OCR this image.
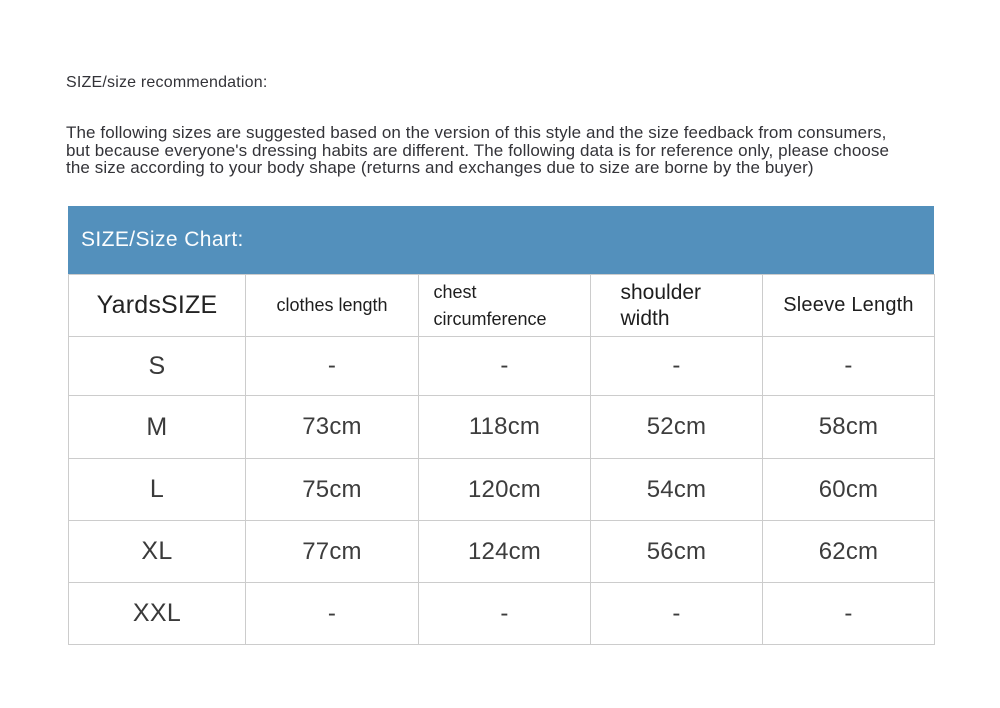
SIZE/size recommendation:
The following sizes are suggested based on the version of this style and the size feedback from consumers,
but because everyone's dressing habits are different. The following data is for reference only, please choose
the size according to your body shape (returns and exchanges due to size are borne by the buyer)
SIZE/Size Chart:
YardsSIZE	clothes length	chest circumference	shoulder width	Sleeve Length
S	-	-	-	-
M	73cm	118cm	52cm	58cm
L	75cm	120cm	54cm	60cm
XL	77cm	124cm	56cm	62cm
XXL	-	-	-	-
